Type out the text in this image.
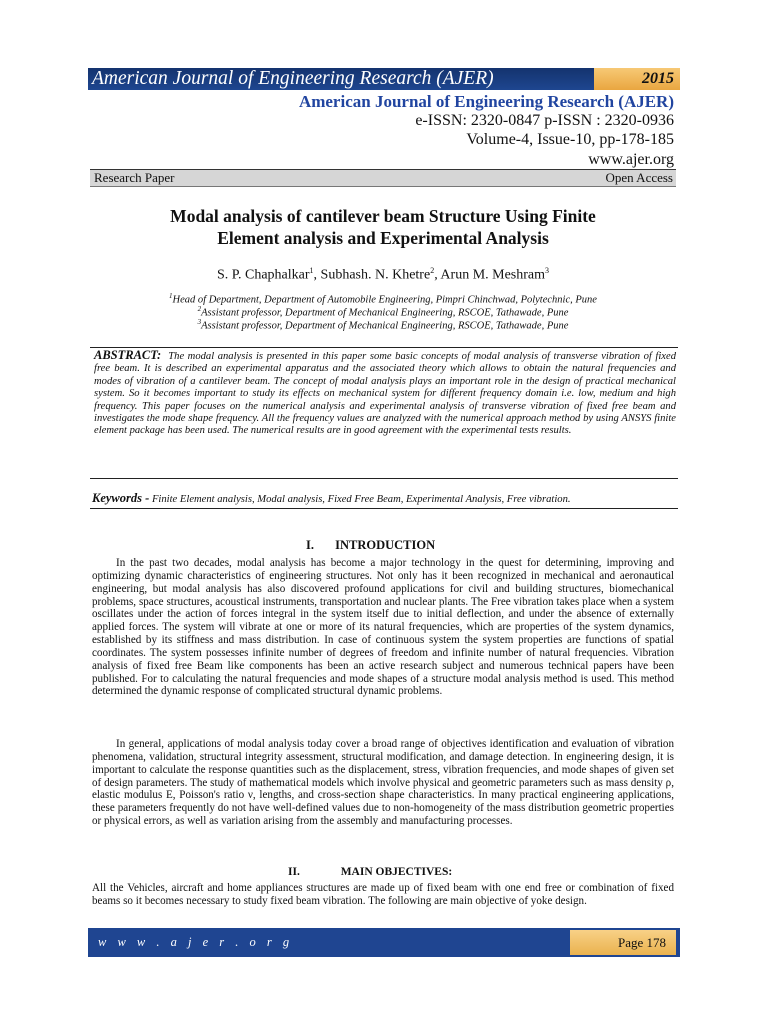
American Journal of Engineering Research (AJER)	2015
American Journal of Engineering Research (AJER)
e-ISSN: 2320-0847 p-ISSN : 2320-0936
Volume-4, Issue-10, pp-178-185
www.ajer.org
Research Paper	Open Access
Modal analysis of cantilever beam Structure Using Finite
Element analysis and Experimental Analysis
S. P. Chaphalkar$^1$, Subhash. N. Khetre$^2$, Arun M. Meshram$^3$
$^1$Head of Department, Department of Automobile Engineering, Pimpri Chinchwad, Polytechnic, Pune
$^2$Assistant professor, Department of Mechanical Engineering, RSCOE, Tathawade, Pune
$^3$Assistant professor, Department of Mechanical Engineering, RSCOE, Tathawade, Pune
ABSTRACT: The modal analysis is presented in this paper some basic concepts of modal analysis of transverse vibration of fixed free beam. It is described an experimental apparatus and the associated theory which allows to obtain the natural frequencies and modes of vibration of a cantilever beam. The concept of modal analysis plays an important role in the design of practical mechanical system. So it becomes important to study its effects on mechanical system for different frequency domain i.e. low, medium and high frequency. This paper focuses on the numerical analysis and experimental analysis of transverse vibration of fixed free beam and investigates the mode shape frequency. All the frequency values are analyzed with the numerical approach method by using ANSYS finite element package has been used. The numerical results are in good agreement with the experimental tests results.
Keywords - Finite Element analysis, Modal analysis, Fixed Free Beam, Experimental Analysis, Free vibration.
I. INTRODUCTION
In the past two decades, modal analysis has become a major technology in the quest for determining, improving and optimizing dynamic characteristics of engineering structures. Not only has it been recognized in mechanical and aeronautical engineering, but modal analysis has also discovered profound applications for civil and building structures, biomechanical problems, space structures, acoustical instruments, transportation and nuclear plants. The Free vibration takes place when a system oscillates under the action of forces integral in the system itself due to initial deflection, and under the absence of externally applied forces. The system will vibrate at one or more of its natural frequencies, which are properties of the system dynamics, established by its stiffness and mass distribution. In case of continuous system the system properties are functions of spatial coordinates. The system possesses infinite number of degrees of freedom and infinite number of natural frequencies. Vibration analysis of fixed free Beam like components has been an active research subject and numerous technical papers have been published. For to calculating the natural frequencies and mode shapes of a structure modal analysis method is used. This method determined the dynamic response of complicated structural dynamic problems.
In general, applications of modal analysis today cover a broad range of objectives identification and evaluation of vibration phenomena, validation, structural integrity assessment, structural modification, and damage detection. In engineering design, it is important to calculate the response quantities such as the displacement, stress, vibration frequencies, and mode shapes of given set of design parameters. The study of mathematical models which involve physical and geometric parameters such as mass density ρ, elastic modulus E, Poisson's ratio ν, lengths, and cross-section shape characteristics. In many practical engineering applications, these parameters frequently do not have well-defined values due to non-homogeneity of the mass distribution geometric properties or physical errors, as well as variation arising from the assembly and manufacturing processes.
II.	MAIN OBJECTIVES:
All the Vehicles, aircraft and home appliances structures are made up of fixed beam with one end free or combination of fixed beams so it becomes necessary to study fixed beam vibration. The following are main objective of yoke design.
w w w . a j e r . o r g	Page 178
